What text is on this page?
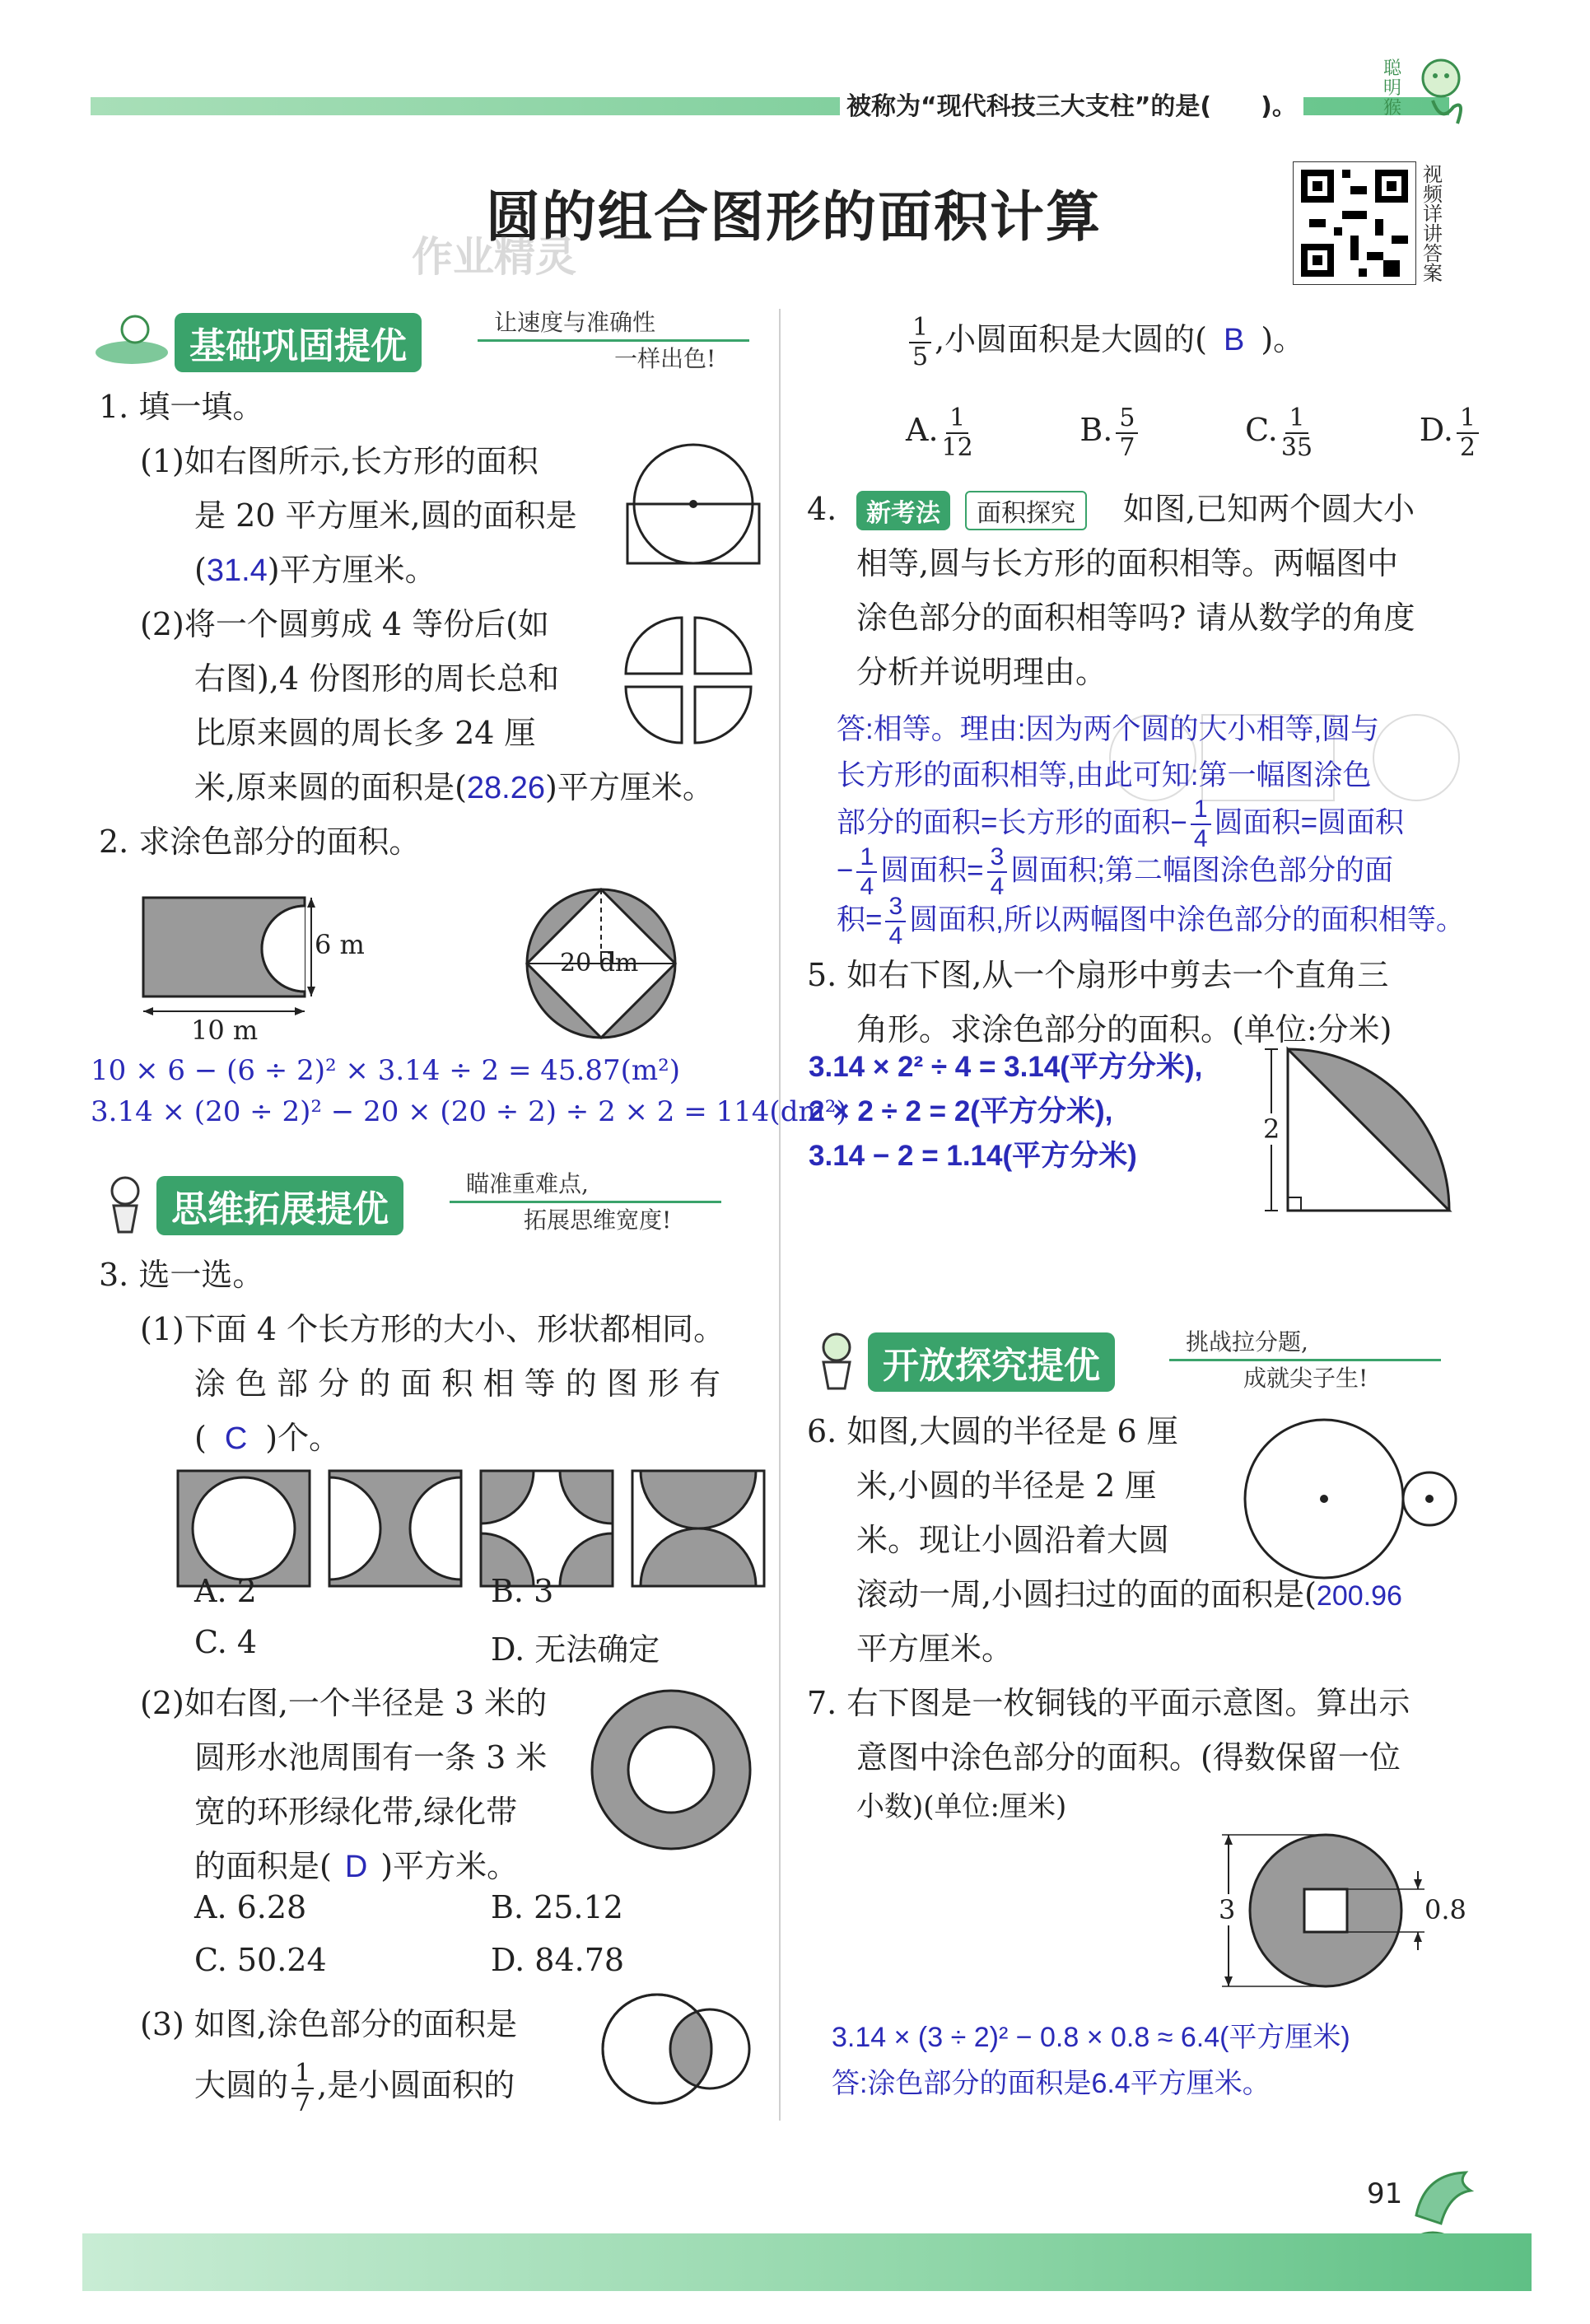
被称为“现代科技三大支柱”的是(　　)。
聪明猴
圆的组合图形的面积计算
作业精灵
视频详讲答案
基础巩固提优
让速度与准确性
一样出色!
1. 填一填。
(1)如右图所示,长方形的面积
是 20 平方厘米,圆的面积是
(31.4)平方厘米。
(2)将一个圆剪成 4 等份后(如
右图),4 份图形的周长总和
比原来圆的周长多 24 厘
米,原来圆的面积是(28.26)平方厘米。
2. 求涂色部分的面积。
6 m
10 m
20 dm
10 × 6 − (6 ÷ 2)² × 3.14 ÷ 2 = 45.87(m²)
3.14 × (20 ÷ 2)² − 20 × (20 ÷ 2) ÷ 2 × 2 = 114(dm²)
思维拓展提优
瞄准重难点,
拓展思维宽度!
3. 选一选。
(1)下面 4 个长方形的大小、形状都相同。
涂 色 部 分 的 面 积 相 等 的 图 形 有
( C )个。
A. 2	B. 3
C. 4	D. 无法确定
(2)如右图,一个半径是 3 米的
圆形水池周围有一条 3 米
宽的环形绿化带,绿化带
的面积是( D )平方米。
A. 6.28	B. 25.12
C. 50.24	D. 84.78
(3) 如图,涂色部分的面积是
大圆的 $\frac{1}{7}$ ,是小圆面积的
$\frac{1}{5}$ ,小圆面积是大圆的( B )。
A. $\frac{1}{12}$	B. $\frac{5}{7}$	C. $\frac{1}{35}$	D. $\frac{1}{2}$
4.	新考法	面积探究	如图,已知两个圆大小
相等,圆与长方形的面积相等。两幅图中
涂色部分的面积相等吗? 请从数学的角度
分析并说明理由。
答:相等。理由:因为两个圆的大小相等,圆与
长方形的面积相等,由此可知:第一幅图涂色
部分的面积=长方形的面积− $\frac{1}{4}$ 圆面积=圆面积
− $\frac{1}{4}$ 圆面积= $\frac{3}{4}$ 圆面积;第二幅图涂色部分的面
积= $\frac{3}{4}$ 圆面积,所以两幅图中涂色部分的面积相等。
5. 如右下图,从一个扇形中剪去一个直角三
角形。求涂色部分的面积。(单位:分米)
3.14 × 2² ÷ 4 = 3.14(平方分米),
2 × 2 ÷ 2 = 2(平方分米),
3.14 − 2 = 1.14(平方分米)
2
开放探究提优
挑战拉分题,
成就尖子生!
6. 如图,大圆的半径是 6 厘
米,小圆的半径是 2 厘
米。现让小圆沿着大圆
滚动一周,小圆扫过的面的面积是(200.96
平方厘米。
7. 右下图是一枚铜钱的平面示意图。算出示
意图中涂色部分的面积。(得数保留一位
小数)(单位:厘米)
3	0.8
3.14 × (3 ÷ 2)² − 0.8 × 0.8 ≈ 6.4(平方厘米)
答:涂色部分的面积是6.4平方厘米。
91
